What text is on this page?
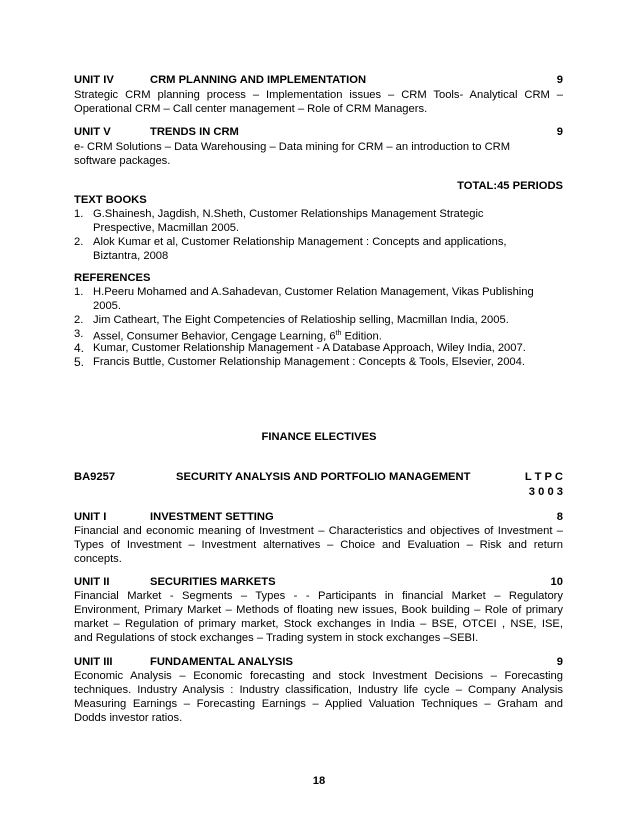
UNIT IV	CRM PLANNING AND IMPLEMENTATION	9
Strategic CRM planning process – Implementation issues – CRM Tools- Analytical CRM –
Operational CRM – Call center management – Role of CRM Managers.
UNIT V	TRENDS IN CRM	9
e- CRM Solutions – Data Warehousing – Data mining for CRM – an introduction to CRM
software packages.
TOTAL:45 PERIODS
TEXT BOOKS
1. G.Shainesh, Jagdish, N.Sheth, Customer Relationships Management Strategic
Prespective, Macmillan 2005.
2. Alok Kumar et al, Customer Relationship Management : Concepts and applications,
Biztantra, 2008
REFERENCES
1. H.Peeru Mohamed and A.Sahadevan, Customer Relation Management, Vikas Publishing
2005.
2. Jim Catheart, The Eight Competencies of Relatioship selling, Macmillan India, 2005.
3. Assel, Consumer Behavior, Cengage Learning, 6th Edition.
4. Kumar, Customer Relationship Management - A Database Approach, Wiley India, 2007.
5. Francis Buttle, Customer Relationship Management : Concepts & Tools, Elsevier, 2004.
FINANCE ELECTIVES
BA9257	SECURITY ANALYSIS AND PORTFOLIO MANAGEMENT	L T P C
3 0 0 3
UNIT I	INVESTMENT SETTING	8
Financial and economic meaning of Investment – Characteristics and objectives of Investment –
Types of Investment – Investment alternatives – Choice and Evaluation – Risk and return
concepts.
UNIT II	SECURITIES MARKETS	10
Financial Market - Segments – Types - - Participants in financial Market – Regulatory
Environment, Primary Market – Methods of floating new issues, Book building – Role of primary
market – Regulation of primary market, Stock exchanges in India – BSE, OTCEI , NSE, ISE,
and Regulations of stock exchanges – Trading system in stock exchanges –SEBI.
UNIT III	FUNDAMENTAL ANALYSIS	9
Economic Analysis – Economic forecasting and stock Investment Decisions – Forecasting
techniques. Industry Analysis : Industry classification, Industry life cycle – Company Analysis
Measuring Earnings – Forecasting Earnings – Applied Valuation Techniques – Graham and
Dodds investor ratios.
18
